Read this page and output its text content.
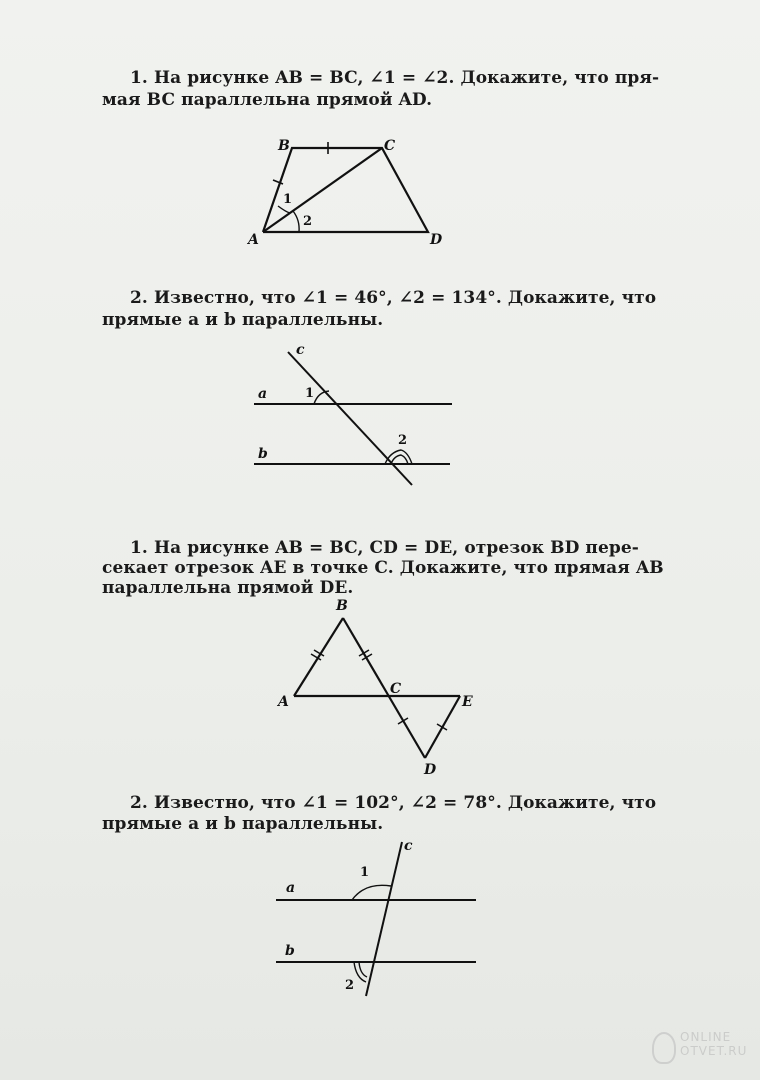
1. На рисунке AB = BC, ∠1 = ∠2. Докажите, что пря-
мая BC параллельна прямой AD.
B	C
A	D
1
2
2. Известно, что ∠1 = 46°, ∠2 = 134°. Докажите, что
прямые a и b параллельны.
c
a
b
1
2
1. На рисунке AB = BC, CD = DE, отрезок BD пере-
секает отрезок AE в точке C. Докажите, что прямая AB
параллельна прямой DE.
B
A
C
E
D
2. Известно, что ∠1 = 102°, ∠2 = 78°. Докажите, что
прямые a и b параллельны.
c
a
b
1
2
ONLINE
OTVET.RU
